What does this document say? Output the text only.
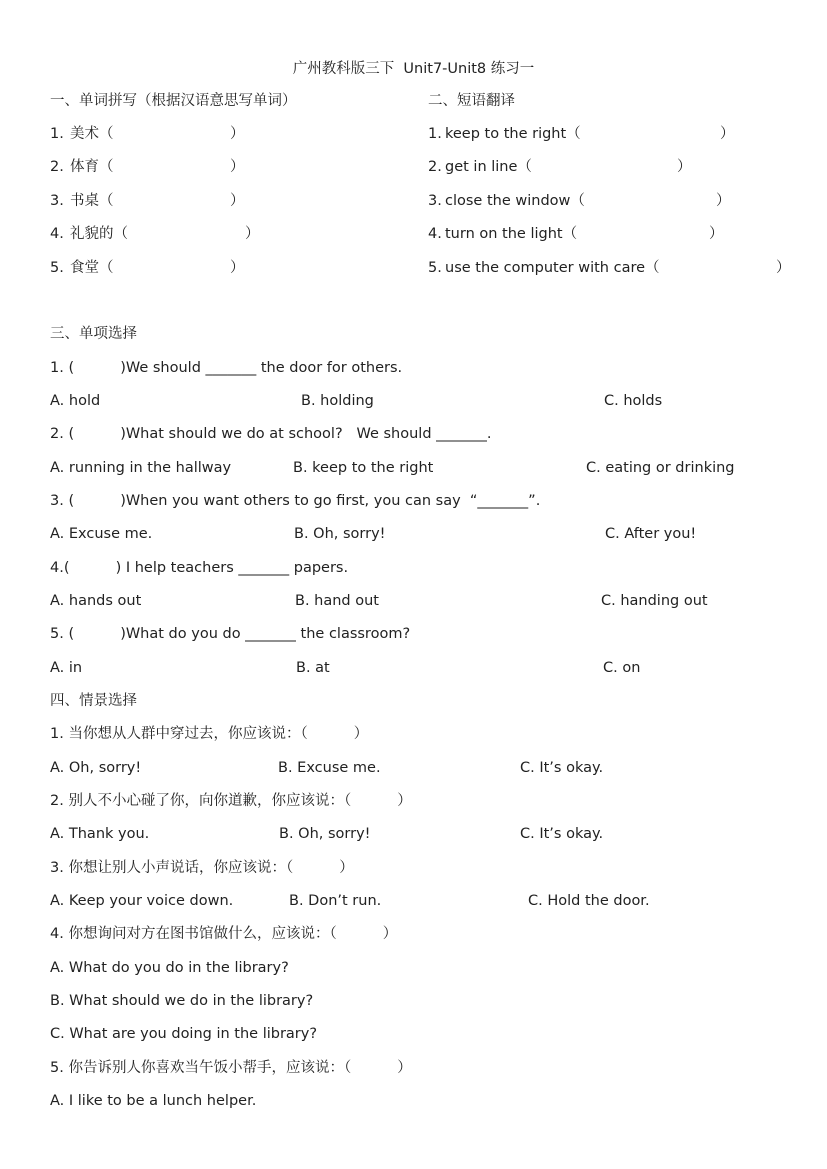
广州教科版三下  Unit7-Unit8 练习一
一、单词拼写（根据汉语意思写单词）
1. 美术（	）
2. 体育（	）
3. 书桌（	）
4. 礼貌的（	）
5. 食堂（	）
二、短语翻译
1. keep to the right（	）
2. get in line（	）
3. close the window（	）
4. turn on the light（	）
5. use the computer with care（	）
三、单项选择
1. (          )We should _______ the door for others.
A. hold	B. holding	C. holds
2. (          )What should we do at school?   We should _______.
A. running in the hallway	B. keep to the right	C. eating or drinking
3. (          )When you want others to go first, you can say  “_______”.
A. Excuse me.	B. Oh, sorry!	C. After you!
4.(          ) I help teachers _______ papers.
A. hands out	B. hand out	C. handing out
5. (          )What do you do _______ the classroom?
A. in	B. at	C. on
四、情景选择
1. 当你想从人群中穿过去，你应该说：（          ）
A. Oh, sorry!	B. Excuse me.	C. It’s okay.
2. 别人不小心碰了你，向你道歉，你应该说：（          ）
A. Thank you.	B. Oh, sorry!	C. It’s okay.
3. 你想让别人小声说话，你应该说：（          ）
A. Keep your voice down.	B. Don’t run.	C. Hold the door.
4. 你想询问对方在图书馆做什么，应该说：（          ）
A. What do you do in the library?
B. What should we do in the library?
C. What are you doing in the library?
5. 你告诉别人你喜欢当午饭小帮手，应该说：（          ）
A. I like to be a lunch helper.
